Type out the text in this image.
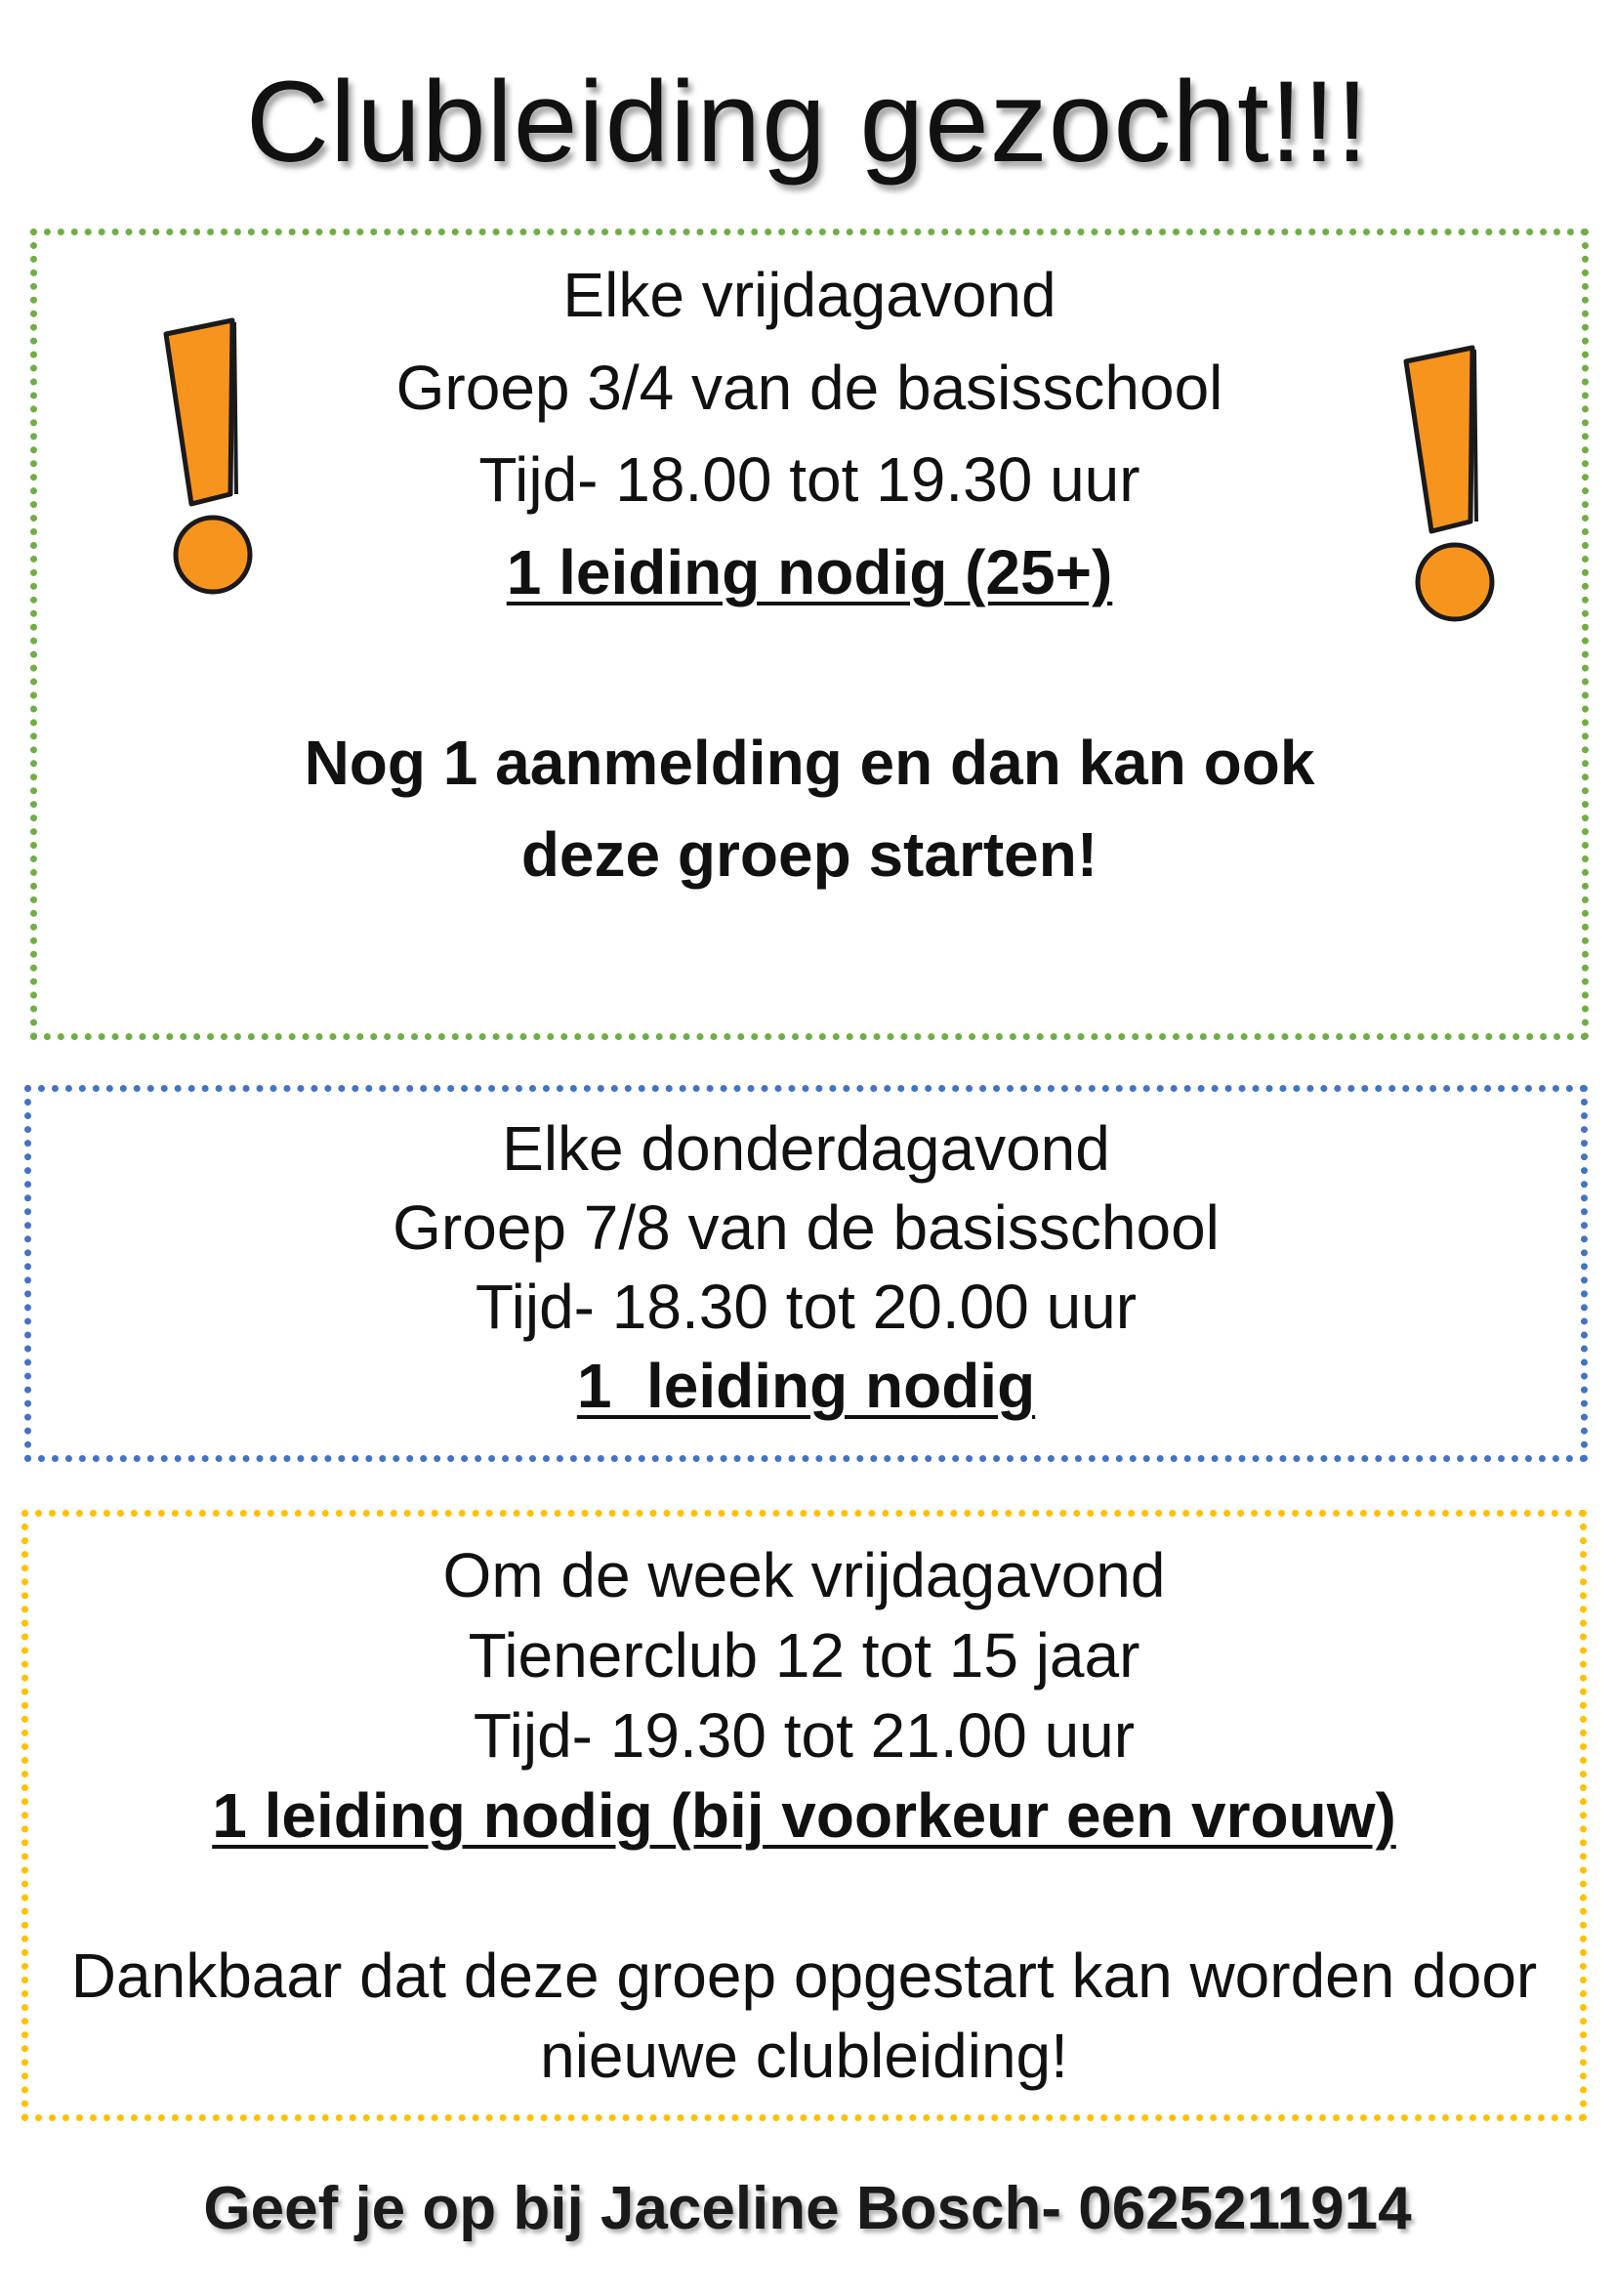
Clubleiding gezocht!!!
Elke vrijdagavond
Groep 3/4 van de basisschool
Tijd- 18.00 tot 19.30 uur
1 leiding nodig (25+)
Nog 1 aanmelding en dan kan ook
deze groep starten!
Elke donderdagavond
Groep 7/8 van de basisschool
Tijd- 18.30 tot 20.00 uur
1  leiding nodig
Om de week vrijdagavond
Tienerclub 12 tot 15 jaar
Tijd- 19.30 tot 21.00 uur
1 leiding nodig (bij voorkeur een vrouw)
Dankbaar dat deze groep opgestart kan worden door
nieuwe clubleiding!
Geef je op bij Jaceline Bosch- 0625211914
